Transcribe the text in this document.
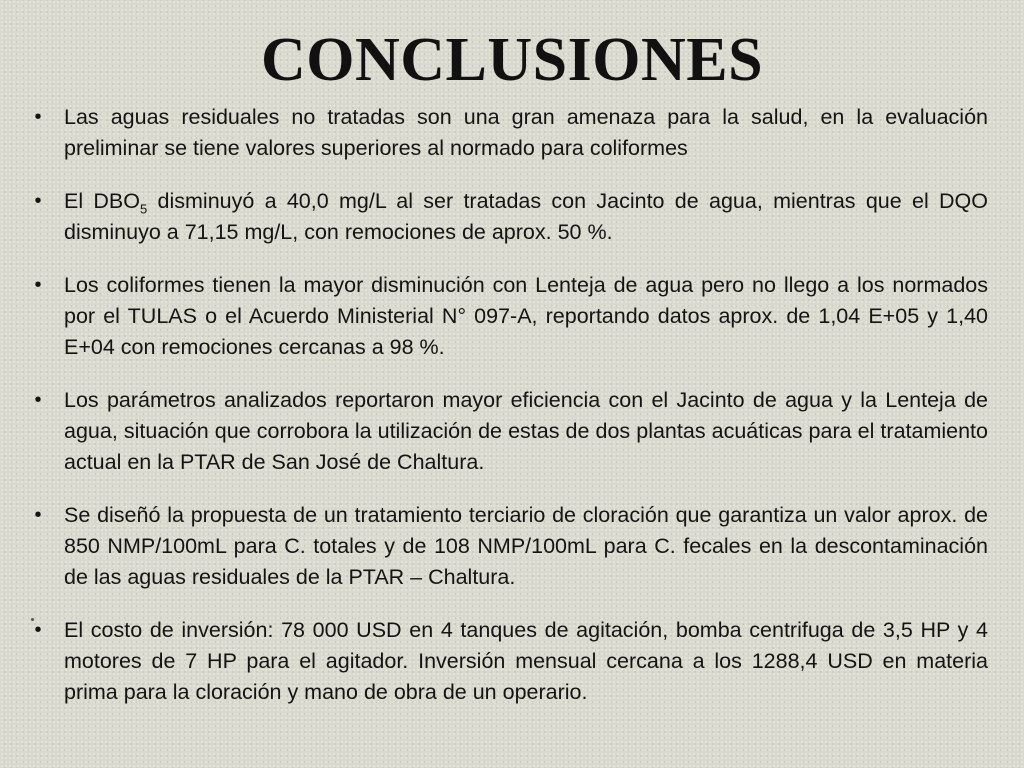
CONCLUSIONES
•	Las aguas residuales no tratadas son una gran amenaza para la salud, en la evaluación preliminar se tiene valores superiores al normado para coliformes
•	El $DBO_5$ disminuyó a 40,0 mg/L al ser tratadas con Jacinto de agua, mientras que el DQO disminuyo a 71,15 mg/L, con remociones de aprox. 50 %.
•	Los coliformes tienen la mayor disminución con Lenteja de agua pero no llego a los normados por el TULAS o el Acuerdo Ministerial N° 097-A, reportando datos aprox. de 1,04 E+05 y 1,40 E+04 con remociones cercanas a 98 %.
•	Los parámetros analizados reportaron mayor eficiencia con el Jacinto de agua y la Lenteja de agua, situación que corrobora la utilización de estas de dos plantas acuáticas para el tratamiento actual en la PTAR de San José de Chaltura.
•	Se diseñó la propuesta de un tratamiento terciario de cloración que garantiza un valor aprox. de 850 NMP/100mL para C. totales y de 108 NMP/100mL para C. fecales en la descontaminación de las aguas residuales de la PTAR – Chaltura.
•	El costo de inversión: 78 000 USD en 4 tanques de agitación, bomba centrifuga de 3,5 HP y 4 motores de 7 HP para el agitador. Inversión mensual cercana a los 1288,4 USD en materia prima para la cloración y mano de obra de un operario.
